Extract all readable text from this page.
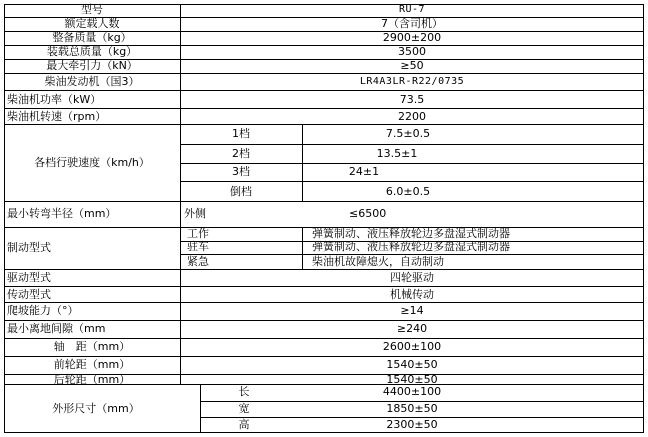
型号	RU-7
额定载人数	7（含司机）
整备质量（kg）	2900±200
装载总质量（kg）	3500
最大牵引力（kN）	≥50
柴油发动机（国3）	LR4A3LR-R22/0735
柴油机功率（kW）	73.5
柴油机转速（rpm）	2200
各档行驶速度（km/h）
1档	7.5±0.5
2档	13.5±1
3档	24±1
倒档	6.0±0.5
最小转弯半径（mm）	外侧	≤6500
制动型式
工作	弹簧制动、液压释放轮边多盘湿式制动器
驻车	弹簧制动、液压释放轮边多盘湿式制动器
紧急	柴油机故障熄火，自动制动
驱动型式	四轮驱动
传动型式	机械传动
爬坡能力（°）	≥14
最小离地间隙（mm	≥240
轴　距（mm）	2600±100
前轮距（mm）	1540±50
后轮距（mm）	1540±50
外形尺寸（mm）
长	4400±100
宽	1850±50
高	2300±50
